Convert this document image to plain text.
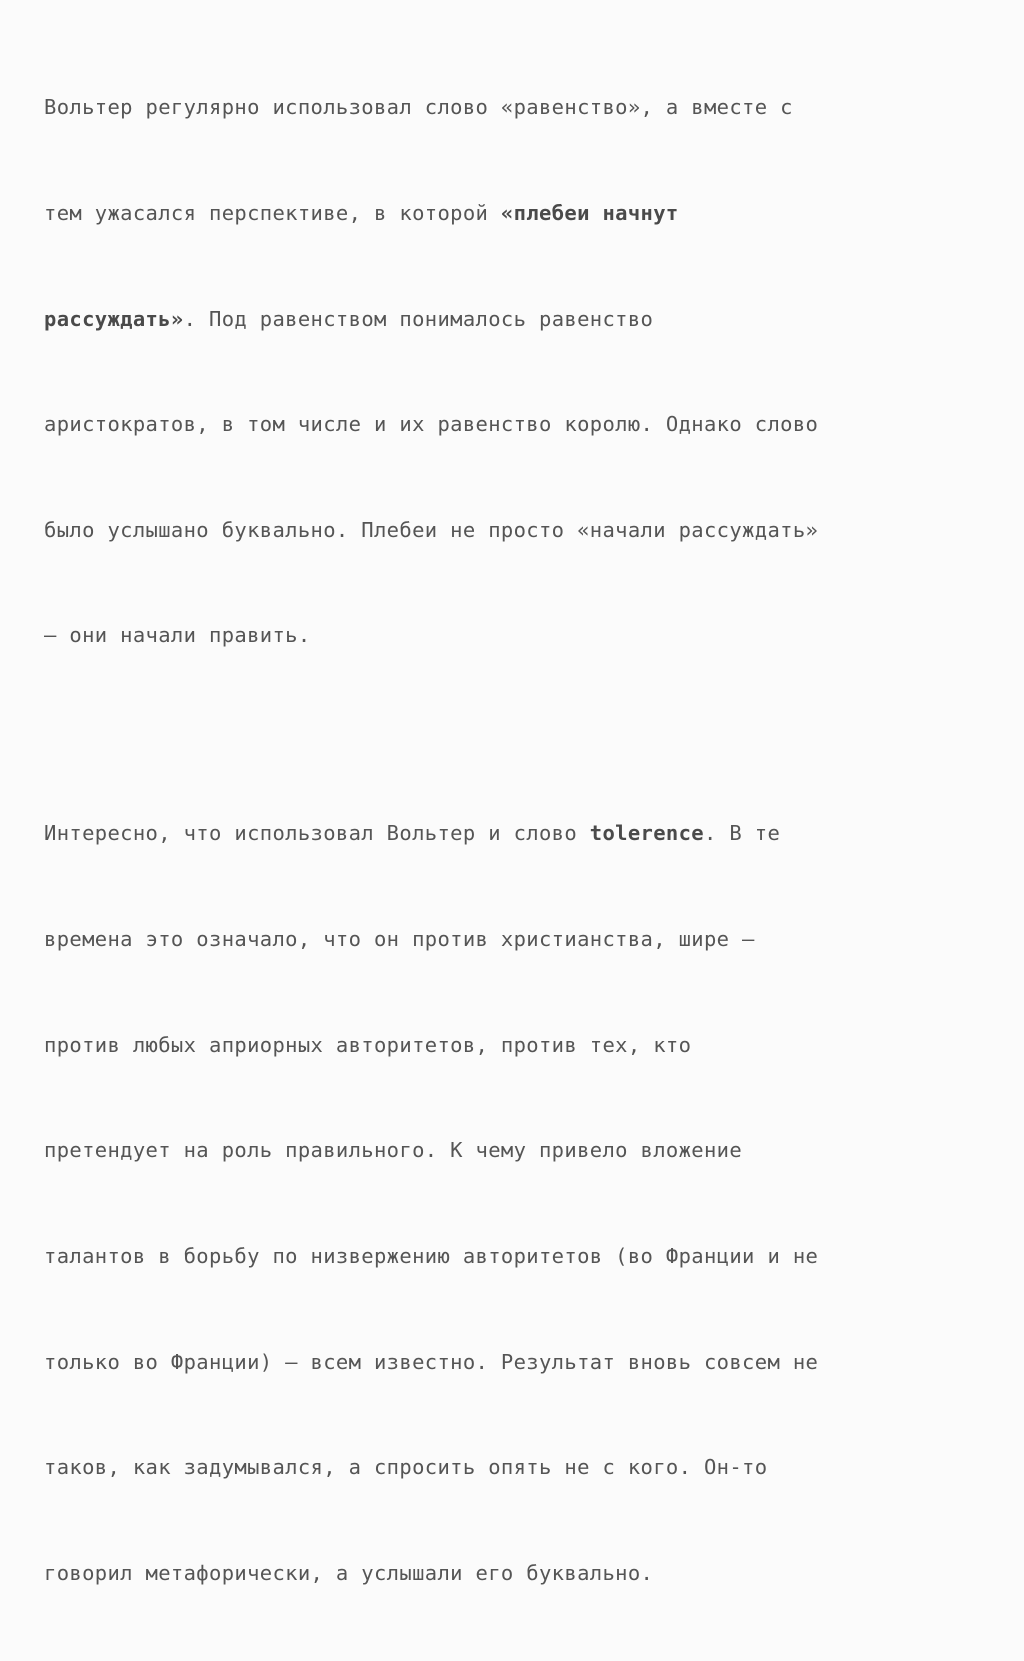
Вольтер регулярно использовал слово «равенство», а вместе с

тем ужасался перспективе, в которой «плебеи начнут

рассуждать». Под равенством понималось равенство

аристократов, в том числе и их равенство королю. Однако слово

было услышано буквально. Плебеи не просто «начали рассуждать»

— они начали править.

Интересно, что использовал Вольтер и слово tolerence. В те

времена это означало, что он против христианства, шире —

против любых априорных авторитетов, против тех, кто

претендует на роль правильного. К чему привело вложение

талантов в борьбу по низвержению авторитетов (во Франции и не

только во Франции) — всем известно. Результат вновь совсем не

таков, как задумывался, а спросить опять не с кого. Он-то

говорил метафорически, а услышали его буквально.
